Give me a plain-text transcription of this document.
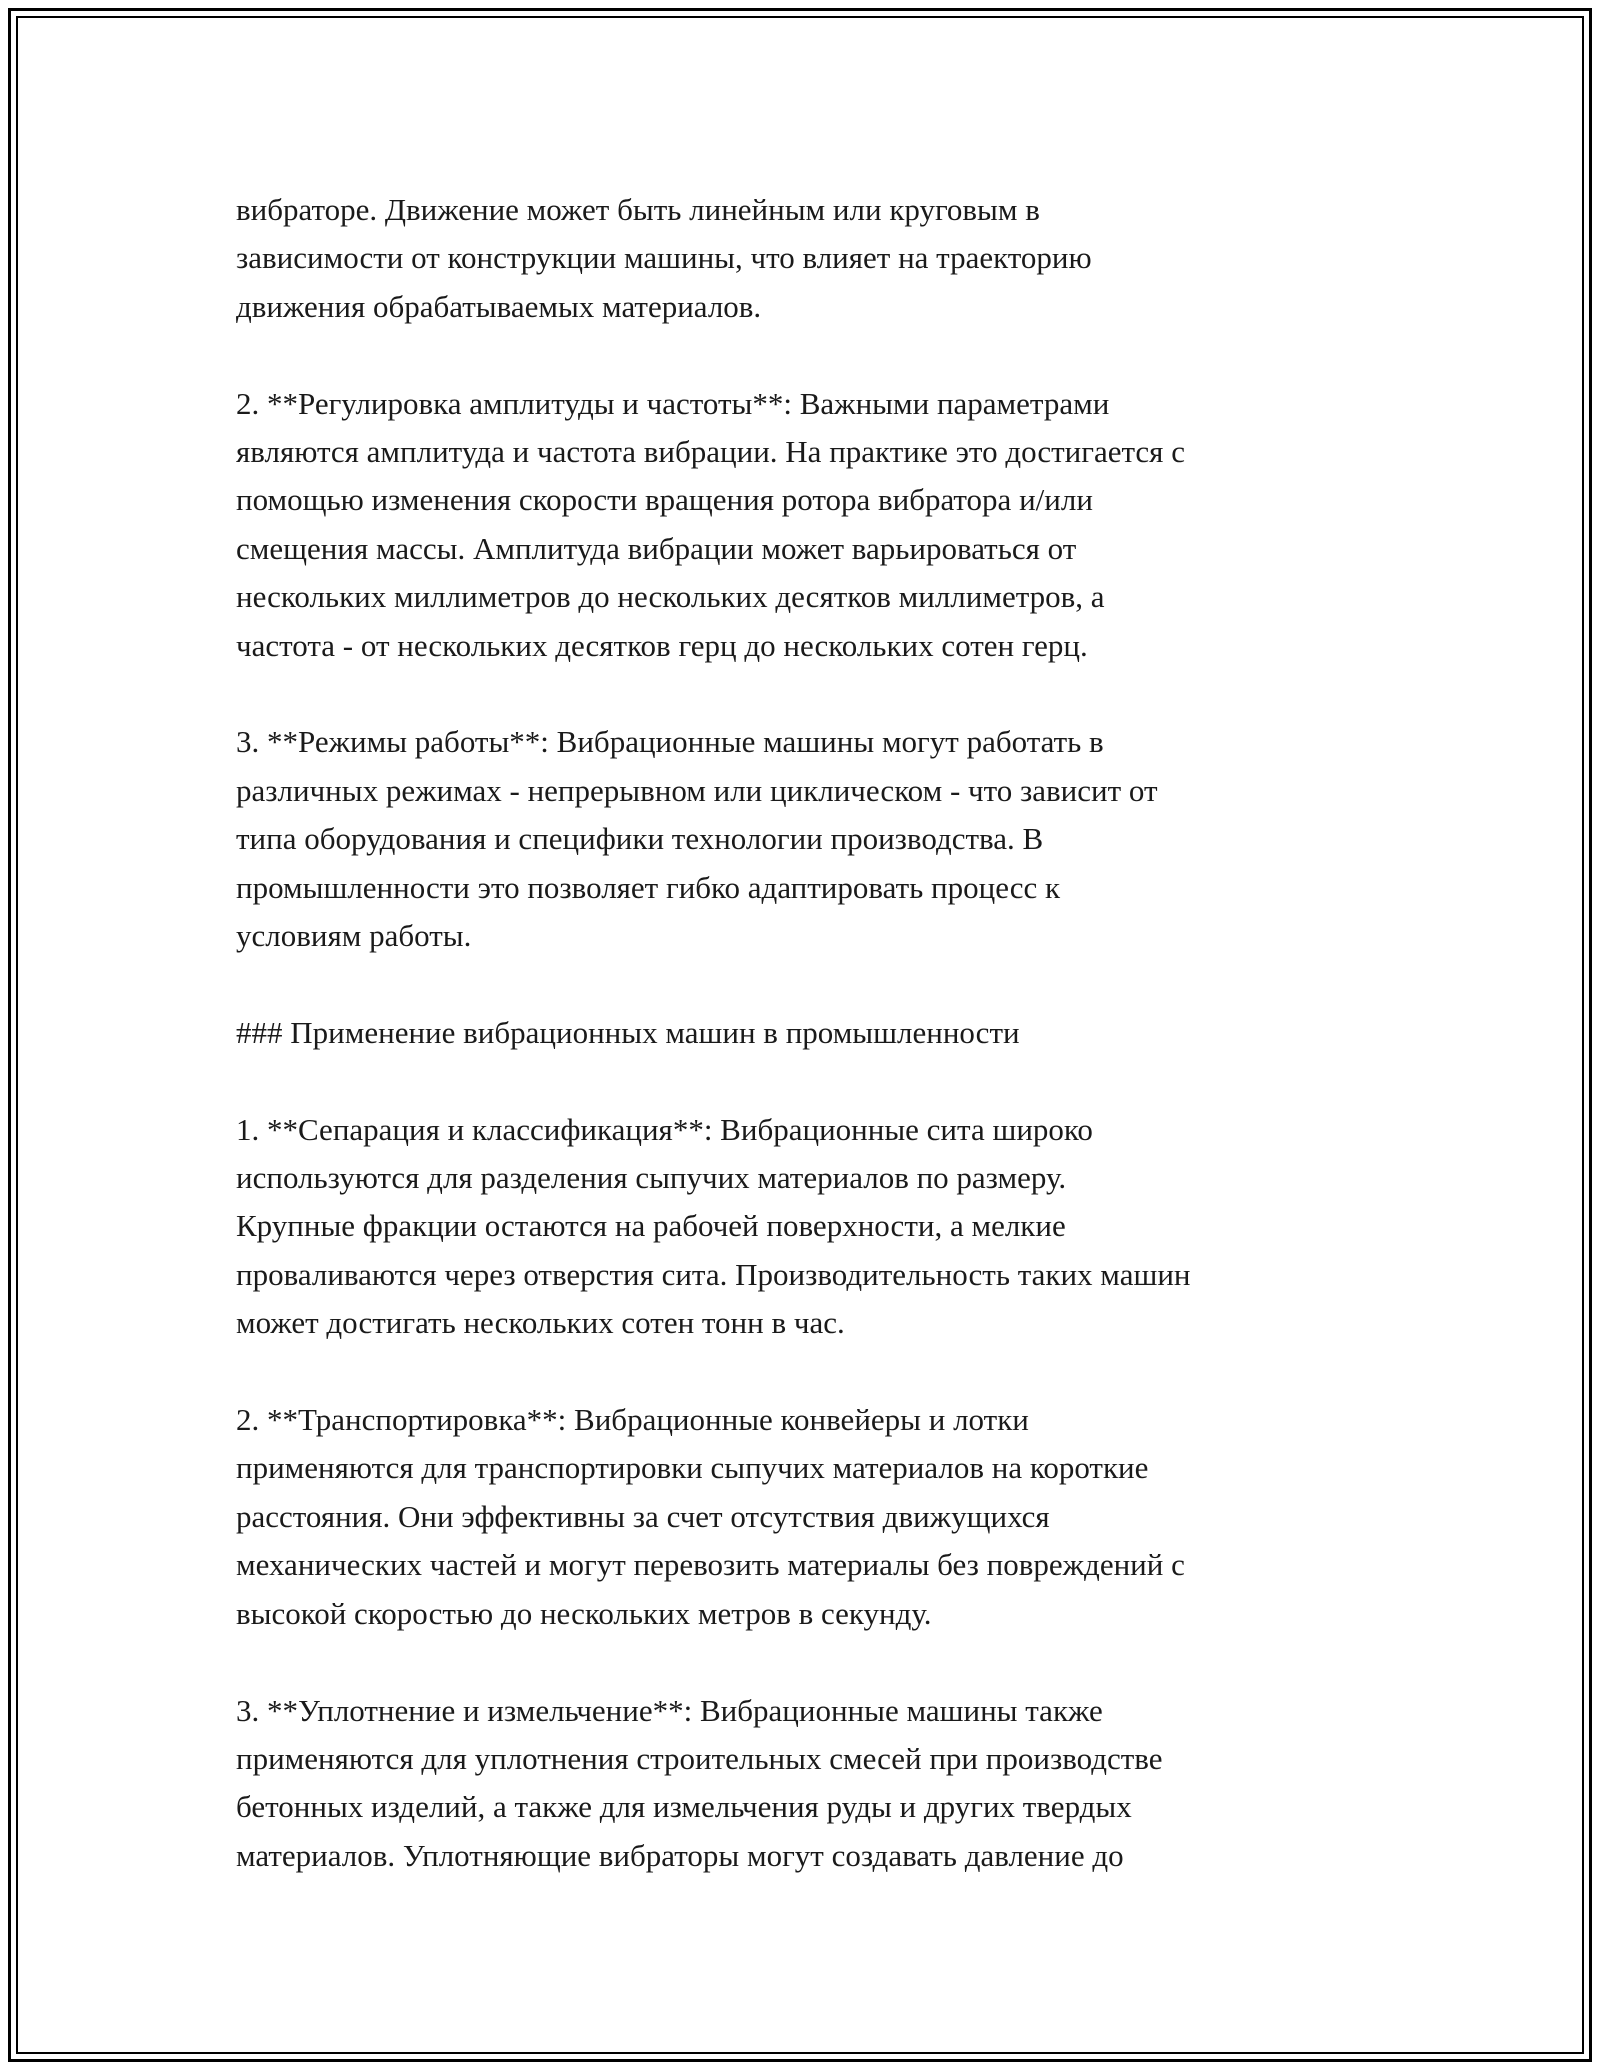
вибраторе. Движение может быть линейным или круговым в
зависимости от конструкции машины, что влияет на траекторию
движения обрабатываемых материалов.

2. **Регулировка амплитуды и частоты**: Важными параметрами
являются амплитуда и частота вибрации. На практике это достигается с
помощью изменения скорости вращения ротора вибратора и/или
смещения массы. Амплитуда вибрации может варьироваться от
нескольких миллиметров до нескольких десятков миллиметров, а
частота - от нескольких десятков герц до нескольких сотен герц.

3. **Режимы работы**: Вибрационные машины могут работать в
различных режимах - непрерывном или циклическом - что зависит от
типа оборудования и специфики технологии производства. В
промышленности это позволяет гибко адаптировать процесс к
условиям работы.

### Применение вибрационных машин в промышленности

1. **Сепарация и классификация**: Вибрационные сита широко
используются для разделения сыпучих материалов по размеру.
Крупные фракции остаются на рабочей поверхности, а мелкие
проваливаются через отверстия сита. Производительность таких машин
может достигать нескольких сотен тонн в час.

2. **Транспортировка**: Вибрационные конвейеры и лотки
применяются для транспортировки сыпучих материалов на короткие
расстояния. Они эффективны за счет отсутствия движущихся
механических частей и могут перевозить материалы без повреждений с
высокой скоростью до нескольких метров в секунду.

3. **Уплотнение и измельчение**: Вибрационные машины также
применяются для уплотнения строительных смесей при производстве
бетонных изделий, а также для измельчения руды и других твердых
материалов. Уплотняющие вибраторы могут создавать давление до
